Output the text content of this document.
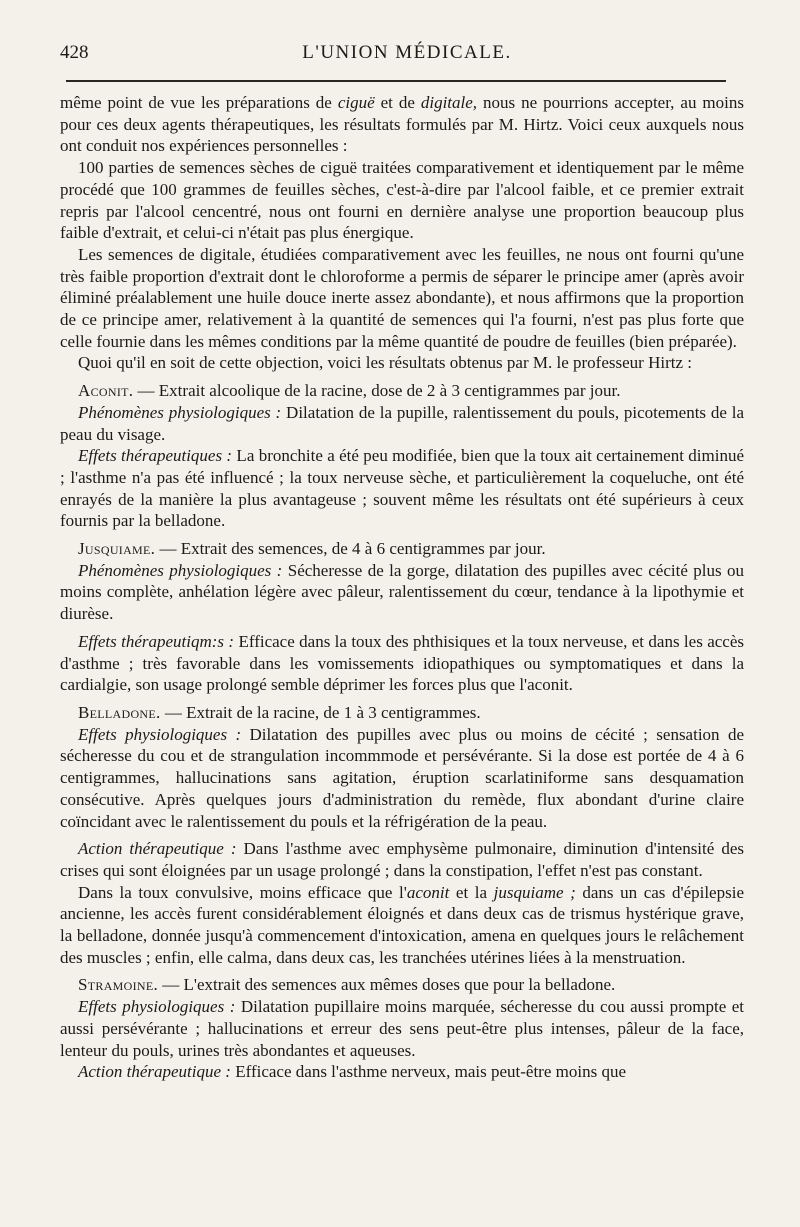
428	L'UNION MÉDICALE.

même point de vue les préparations de ciguë et de digitale, nous ne pourrions accepter, au moins pour ces deux agents thérapeutiques, les résultats formulés par M. Hirtz. Voici ceux auxquels nous ont conduit nos expériences personnelles :

100 parties de semences sèches de ciguë traitées comparativement et identiquement par le même procédé que 100 grammes de feuilles sèches, c'est-à-dire par l'alcool faible, et ce premier extrait repris par l'alcool cencentré, nous ont fourni en dernière analyse une proportion beaucoup plus faible d'extrait, et celui-ci n'était pas plus énergique.

Les semences de digitale, étudiées comparativement avec les feuilles, ne nous ont fourni qu'une très faible proportion d'extrait dont le chloroforme a permis de séparer le principe amer (après avoir éliminé préalablement une huile douce inerte assez abondante), et nous affirmons que la proportion de ce principe amer, relativement à la quantité de semences qui l'a fourni, n'est pas plus forte que celle fournie dans les mêmes conditions par la même quantité de poudre de feuilles (bien préparée).

Quoi qu'il en soit de cette objection, voici les résultats obtenus par M. le professeur Hirtz :

Aconit. — Extrait alcoolique de la racine, dose de 2 à 3 centigrammes par jour.

Phénomènes physiologiques : Dilatation de la pupille, ralentissement du pouls, picotements de la peau du visage.

Effets thérapeutiques : La bronchite a été peu modifiée, bien que la toux ait certainement diminué ; l'asthme n'a pas été influencé ; la toux nerveuse sèche, et particulièrement la coqueluche, ont été enrayés de la manière la plus avantageuse ; souvent même les résultats ont été supérieurs à ceux fournis par la belladone.

Jusquiame. — Extrait des semences, de 4 à 6 centigrammes par jour.

Phénomènes physiologiques : Sécheresse de la gorge, dilatation des pupilles avec cécité plus ou moins complète, anhélation légère avec pâleur, ralentissement du cœur, tendance à la lipothymie et diurèse.

Effets thérapeutiqm:s : Efficace dans la toux des phthisiques et la toux nerveuse, et dans les accès d'asthme ; très favorable dans les vomissements idiopathiques ou symptomatiques et dans la cardialgie, son usage prolongé semble déprimer les forces plus que l'aconit.

Belladone. — Extrait de la racine, de 1 à 3 centigrammes.

Effets physiologiques : Dilatation des pupilles avec plus ou moins de cécité ; sensation de sécheresse du cou et de strangulation incommmode et persévérante. Si la dose est portée de 4 à 6 centigrammes, hallucinations sans agitation, éruption scarlatiniforme sans desquamation consécutive. Après quelques jours d'administration du remède, flux abondant d'urine claire coïncidant avec le ralentissement du pouls et la réfrigération de la peau.

Action thérapeutique : Dans l'asthme avec emphysème pulmonaire, diminution d'intensité des crises qui sont éloignées par un usage prolongé ; dans la constipation, l'effet n'est pas constant.

Dans la toux convulsive, moins efficace que l'aconit et la jusquiame ; dans un cas d'épilepsie ancienne, les accès furent considérablement éloignés et dans deux cas de trismus hystérique grave, la belladone, donnée jusqu'à commencement d'intoxication, amena en quelques jours le relâchement des muscles ; enfin, elle calma, dans deux cas, les tranchées utérines liées à la menstruation.

Stramoine. — L'extrait des semences aux mêmes doses que pour la belladone.

Effets physiologiques : Dilatation pupillaire moins marquée, sécheresse du cou aussi prompte et aussi persévérante ; hallucinations et erreur des sens peut-être plus intenses, pâleur de la face, lenteur du pouls, urines très abondantes et aqueuses.

Action thérapeutique : Efficace dans l'asthme nerveux, mais peut-être moins que
